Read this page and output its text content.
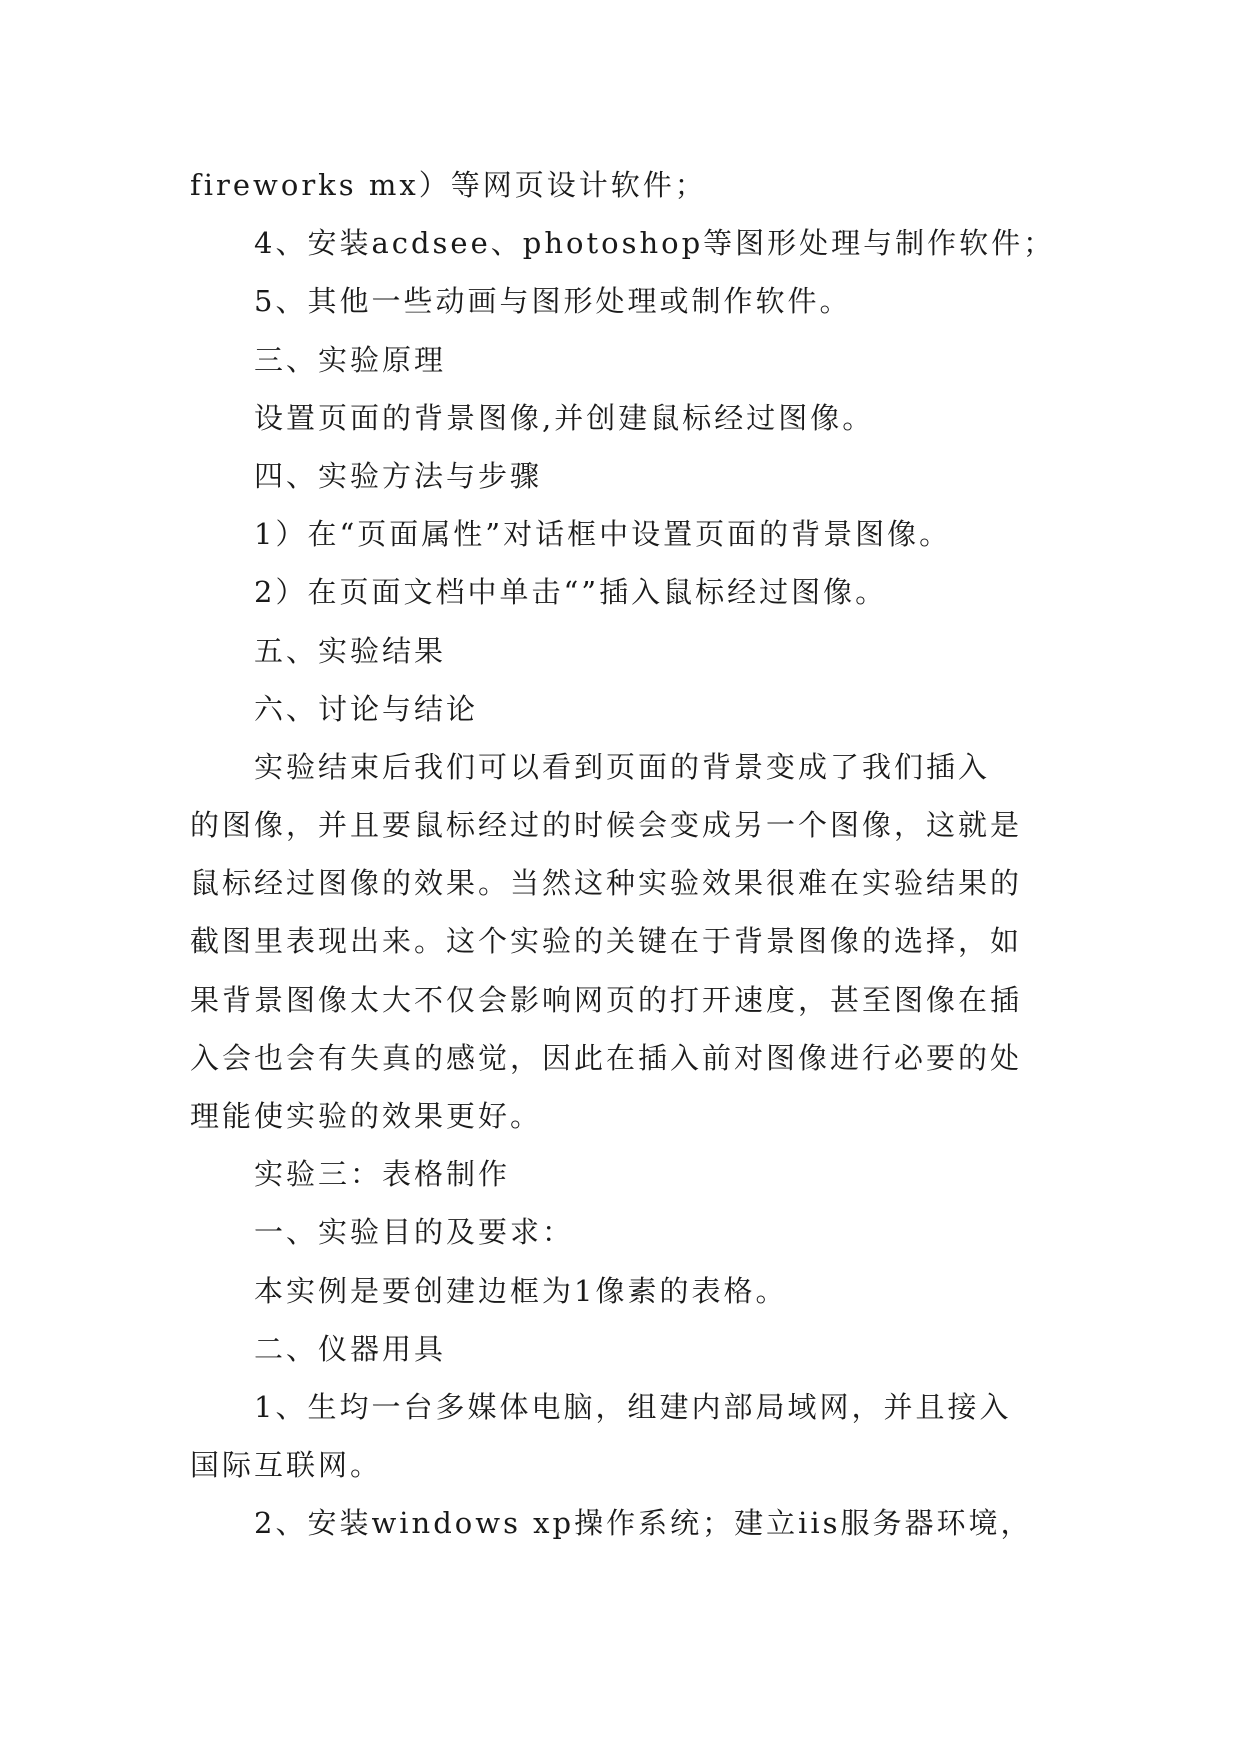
fireworks mx）等网页设计软件；
4、安装acdsee、photoshop等图形处理与制作软件；
5、其他一些动画与图形处理或制作软件。
三、实验原理
设置页面的背景图像,并创建鼠标经过图像。
四、实验方法与步骤
1）在“页面属性”对话框中设置页面的背景图像。
2）在页面文档中单击“”插入鼠标经过图像。
五、实验结果
六、讨论与结论
实验结束后我们可以看到页面的背景变成了我们插入
的图像，并且要鼠标经过的时候会变成另一个图像，这就是
鼠标经过图像的效果。当然这种实验效果很难在实验结果的
截图里表现出来。这个实验的关键在于背景图像的选择，如
果背景图像太大不仅会影响网页的打开速度，甚至图像在插
入会也会有失真的感觉，因此在插入前对图像进行必要的处
理能使实验的效果更好。
实验三：表格制作
一、实验目的及要求：
本实例是要创建边框为1像素的表格。
二、仪器用具
1、生均一台多媒体电脑，组建内部局域网，并且接入
国际互联网。
2、安装windows xp操作系统；建立iis服务器环境，
